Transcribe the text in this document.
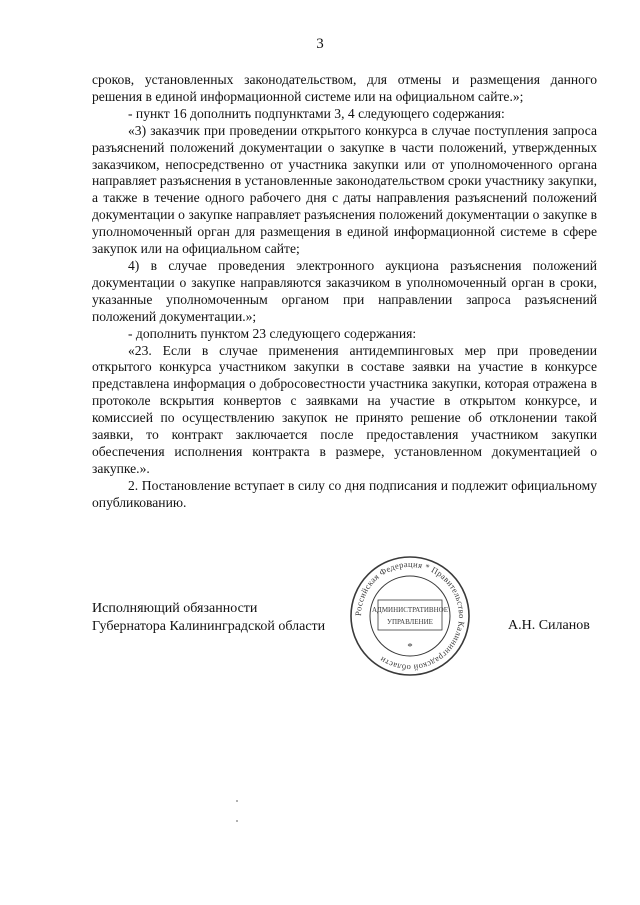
3

сроков, установленных законодательством, для отмены и размещения данного решения в единой информационной системе или на официальном сайте.»;

- пункт 16 дополнить подпунктами 3, 4 следующего содержания:

«3) заказчик при проведении открытого конкурса в случае поступления запроса разъяснений положений документации о закупке в части положений, утвержденных заказчиком, непосредственно от участника закупки или от уполномоченного органа направляет разъяснения в установленные законодательством сроки участнику закупки, а также в течение одного рабочего дня с даты направления разъяснений положений документации о закупке направляет разъяснения положений документации о закупке в уполномоченный орган для размещения в единой информационной системе в сфере закупок или на официальном сайте;

4) в случае проведения электронного аукциона разъяснения положений документации о закупке направляются заказчиком в уполномоченный орган в сроки, указанные уполномоченным органом при направлении запроса разъяснений положений документации.»;

- дополнить пунктом 23 следующего содержания:

«23. Если в случае применения антидемпинговых мер при проведении открытого конкурса участником закупки в составе заявки на участие в конкурсе представлена информация о добросовестности участника закупки, которая отражена в протоколе вскрытия конвертов с заявками на участие в открытом конкурсе, и комиссией по осуществлению закупок не принято решение об отклонении такой заявки, то контракт заключается после предоставления участником закупки обеспечения исполнения контракта в размере, установленном документацией о закупке.».

2. Постановление вступает в силу со дня подписания и подлежит официальному опубликованию.

Исполняющий обязанности
Губернатора Калининградской области	А.Н. Силанов
Российская Федерация * Правительство Калининградской области
АДМИНИСТРАТИВНОЕ
УПРАВЛЕНИЕ
*
